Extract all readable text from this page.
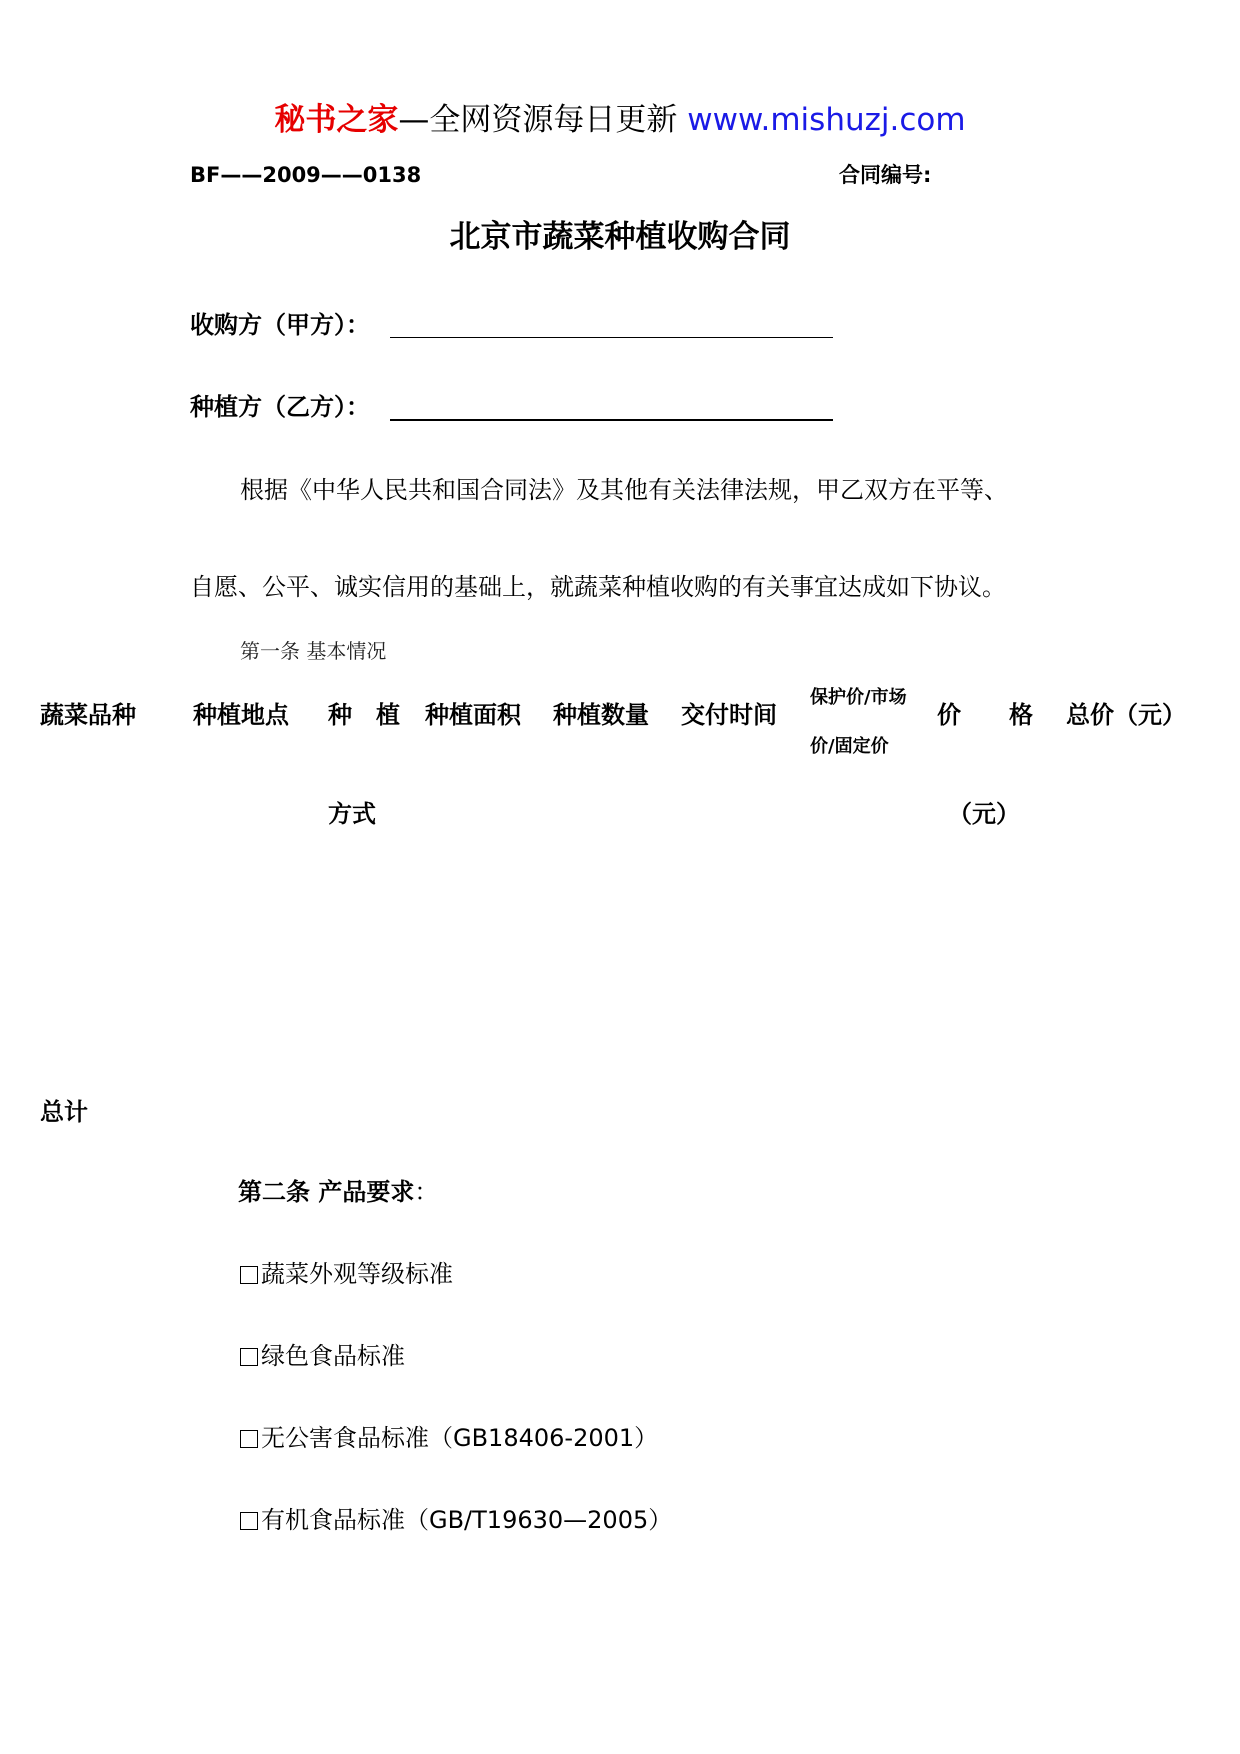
秘书之家—全网资源每日更新 www.mishuzj.com
BF——2009——0138	合同编号:
北京市蔬菜种植收购合同
收购方（甲方）：
种植方（乙方）：
根据《中华人民共和国合同法》及其他有关法律法规，甲乙双方在平等、
自愿、公平、诚实信用的基础上，就蔬菜种植收购的有关事宜达成如下协议。
第一条 基本情况
蔬菜品种 种植地点 种　植
方式
种植面积 种植数量 交付时间
保护价/市场
价/固定价
价　　格
（元）
总价（元）
总计
第二条 产品要求：
蔬菜外观等级标准
绿色食品标准
无公害食品标准（GB18406-2001）
有机食品标准（GB/T19630—2005）
